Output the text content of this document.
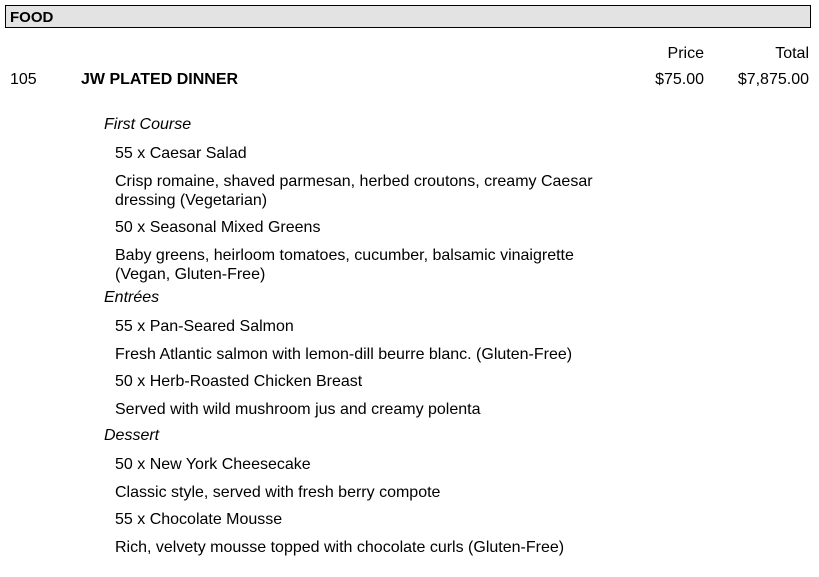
FOOD
Price	Total
105	JW PLATED DINNER	$75.00 $7,875.00
First Course
55 x Caesar Salad
Crisp romaine, shaved parmesan, herbed croutons, creamy Caesar dressing (Vegetarian)
50 x Seasonal Mixed Greens
Baby greens, heirloom tomatoes, cucumber, balsamic vinaigrette (Vegan, Gluten-Free)
Entrées
55 x Pan-Seared Salmon
Fresh Atlantic salmon with lemon-dill beurre blanc. (Gluten-Free)
50 x Herb-Roasted Chicken Breast
Served with wild mushroom jus and creamy polenta
Dessert
50 x New York Cheesecake
Classic style, served with fresh berry compote
55 x Chocolate Mousse
Rich, velvety mousse topped with chocolate curls (Gluten-Free)
